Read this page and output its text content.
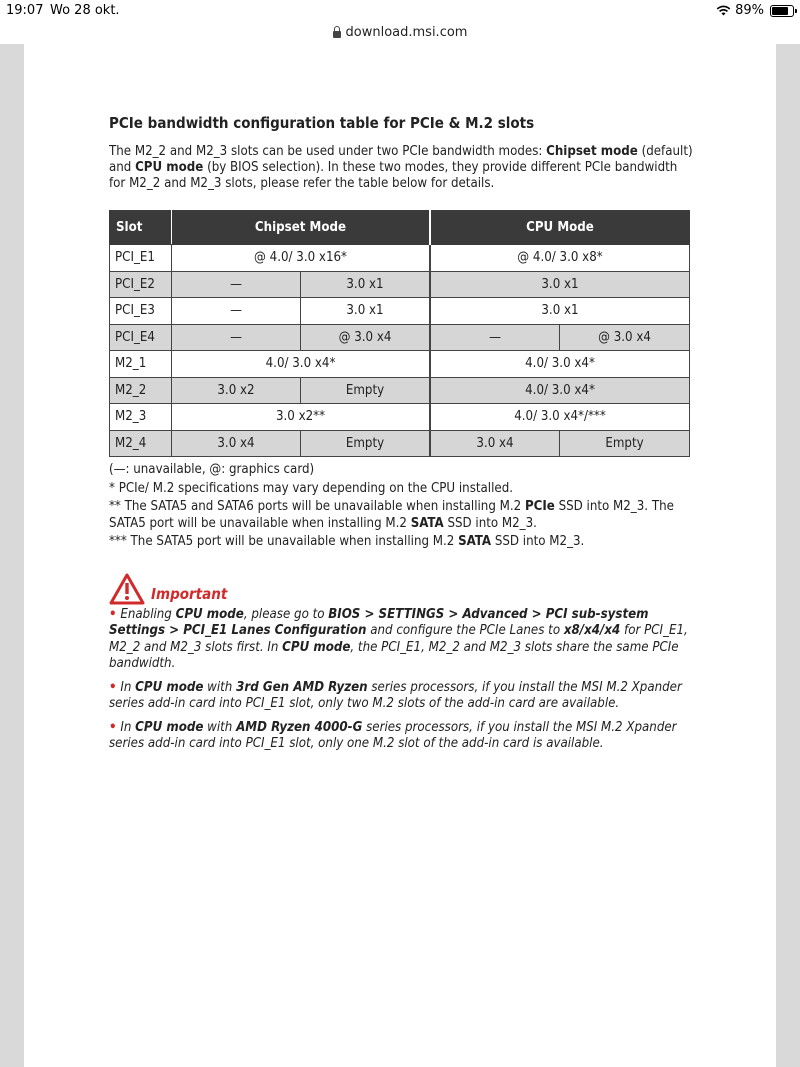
19:07 Wo 28 okt.	89%
download.msi.com
PCIe bandwidth configuration table for PCIe & M.2 slots

The M2_2 and M2_3 slots can be used under two PCIe bandwidth modes: Chipset mode (default) and CPU mode (by BIOS selection). In these two modes, they provide different PCIe bandwidth for M2_2 and M2_3 slots, please refer the table below for details.

Slot	Chipset Mode		CPU Mode	
PCI_E1	@ 4.0/ 3.0 x16*		@ 4.0/ 3.0 x8*	
PCI_E2	—	3.0 x1	3.0 x1	
PCI_E3	—	3.0 x1	3.0 x1	
PCI_E4	—	@ 3.0 x4	—	@ 3.0 x4
M2_1	4.0/ 3.0 x4*		4.0/ 3.0 x4*	
M2_2	3.0 x2	Empty	4.0/ 3.0 x4*	
M2_3	3.0 x2**		4.0/ 3.0 x4*/***	
M2_4	3.0 x4	Empty	3.0 x4	Empty

(—: unavailable, @: graphics card)

* PCIe/ M.2 specifications may vary depending on the CPU installed.

** The SATA5 and SATA6 ports will be unavailable when installing M.2 PCIe SSD into M2_3. The SATA5 port will be unavailable when installing M.2 SATA SSD into M2_3.

*** The SATA5 port will be unavailable when installing M.2 SATA SSD into M2_3.

Important

• Enabling CPU mode, please go to BIOS > SETTINGS > Advanced > PCI sub-system Settings > PCI_E1 Lanes Configuration and configure the PCIe Lanes to x8/x4/x4 for PCI_E1, M2_2 and M2_3 slots first. In CPU mode, the PCI_E1, M2_2 and M2_3 slots share the same PCIe bandwidth.

• In CPU mode with 3rd Gen AMD Ryzen series processors, if you install the MSI M.2 Xpander series add-in card into PCI_E1 slot, only two M.2 slots of the add-in card are available.

• In CPU mode with AMD Ryzen 4000-G series processors, if you install the MSI M.2 Xpander series add-in card into PCI_E1 slot, only one M.2 slot of the add-in card is available.
